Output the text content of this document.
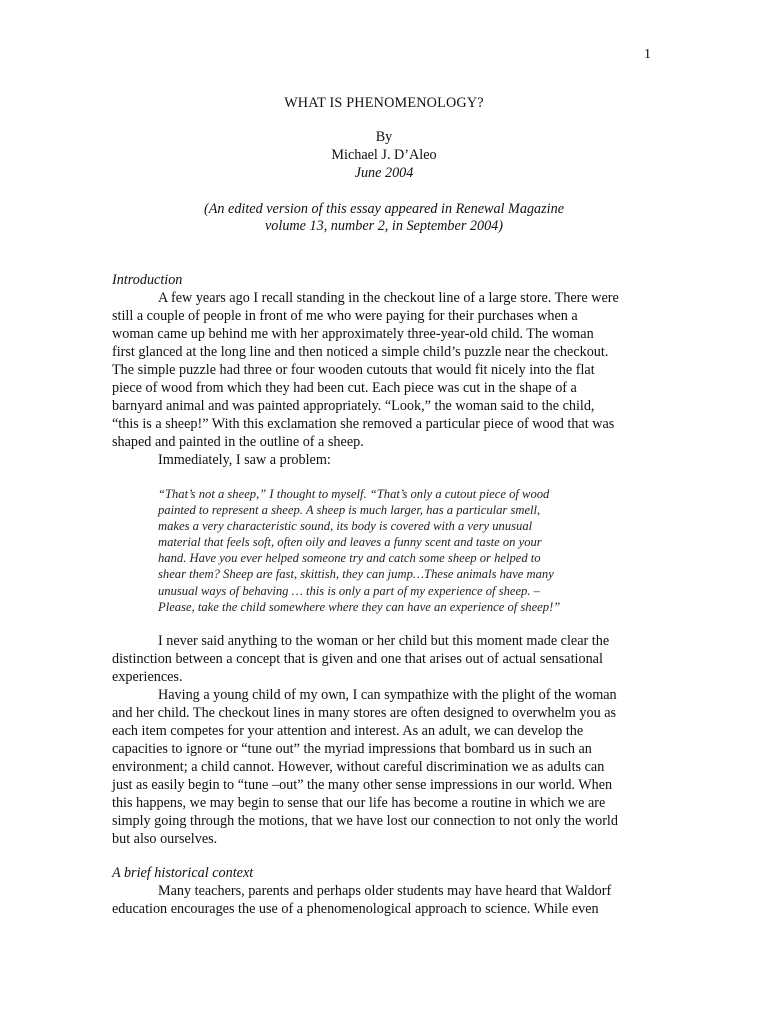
1
WHAT IS PHENOMENOLOGY?
By
Michael J. D’Aleo
June 2004
(An edited version of this essay appeared in Renewal Magazine
volume 13, number 2, in September 2004)
Introduction
A few years ago I recall standing in the checkout line of a large store. There were
still a couple of people in front of me who were paying for their purchases when a
woman came up behind me with her approximately three-year-old child. The woman
first glanced at the long line and then noticed a simple child’s puzzle near the checkout.
The simple puzzle had three or four wooden cutouts that would fit nicely into the flat
piece of wood from which they had been cut. Each piece was cut in the shape of a
barnyard animal and was painted appropriately. “Look,” the woman said to the child,
“this is a sheep!” With this exclamation she removed a particular piece of wood that was
shaped and painted in the outline of a sheep.
Immediately, I saw a problem:
“That’s not a sheep,” I thought to myself. “That’s only a cutout piece of wood
painted to represent a sheep. A sheep is much larger, has a particular smell,
makes a very characteristic sound, its body is covered with a very unusual
material that feels soft, often oily and leaves a funny scent and taste on your
hand. Have you ever helped someone try and catch some sheep or helped to
shear them? Sheep are fast, skittish, they can jump…These animals have many
unusual ways of behaving … this is only a part of my experience of sheep. –
Please, take the child somewhere where they can have an experience of sheep!”
I never said anything to the woman or her child but this moment made clear the
distinction between a concept that is given and one that arises out of actual sensational
experiences.
Having a young child of my own, I can sympathize with the plight of the woman
and her child. The checkout lines in many stores are often designed to overwhelm you as
each item competes for your attention and interest. As an adult, we can develop the
capacities to ignore or “tune out” the myriad impressions that bombard us in such an
environment; a child cannot. However, without careful discrimination we as adults can
just as easily begin to “tune –out” the many other sense impressions in our world. When
this happens, we may begin to sense that our life has become a routine in which we are
simply going through the motions, that we have lost our connection to not only the world
but also ourselves.
A brief historical context
Many teachers, parents and perhaps older students may have heard that Waldorf
education encourages the use of a phenomenological approach to science. While even
